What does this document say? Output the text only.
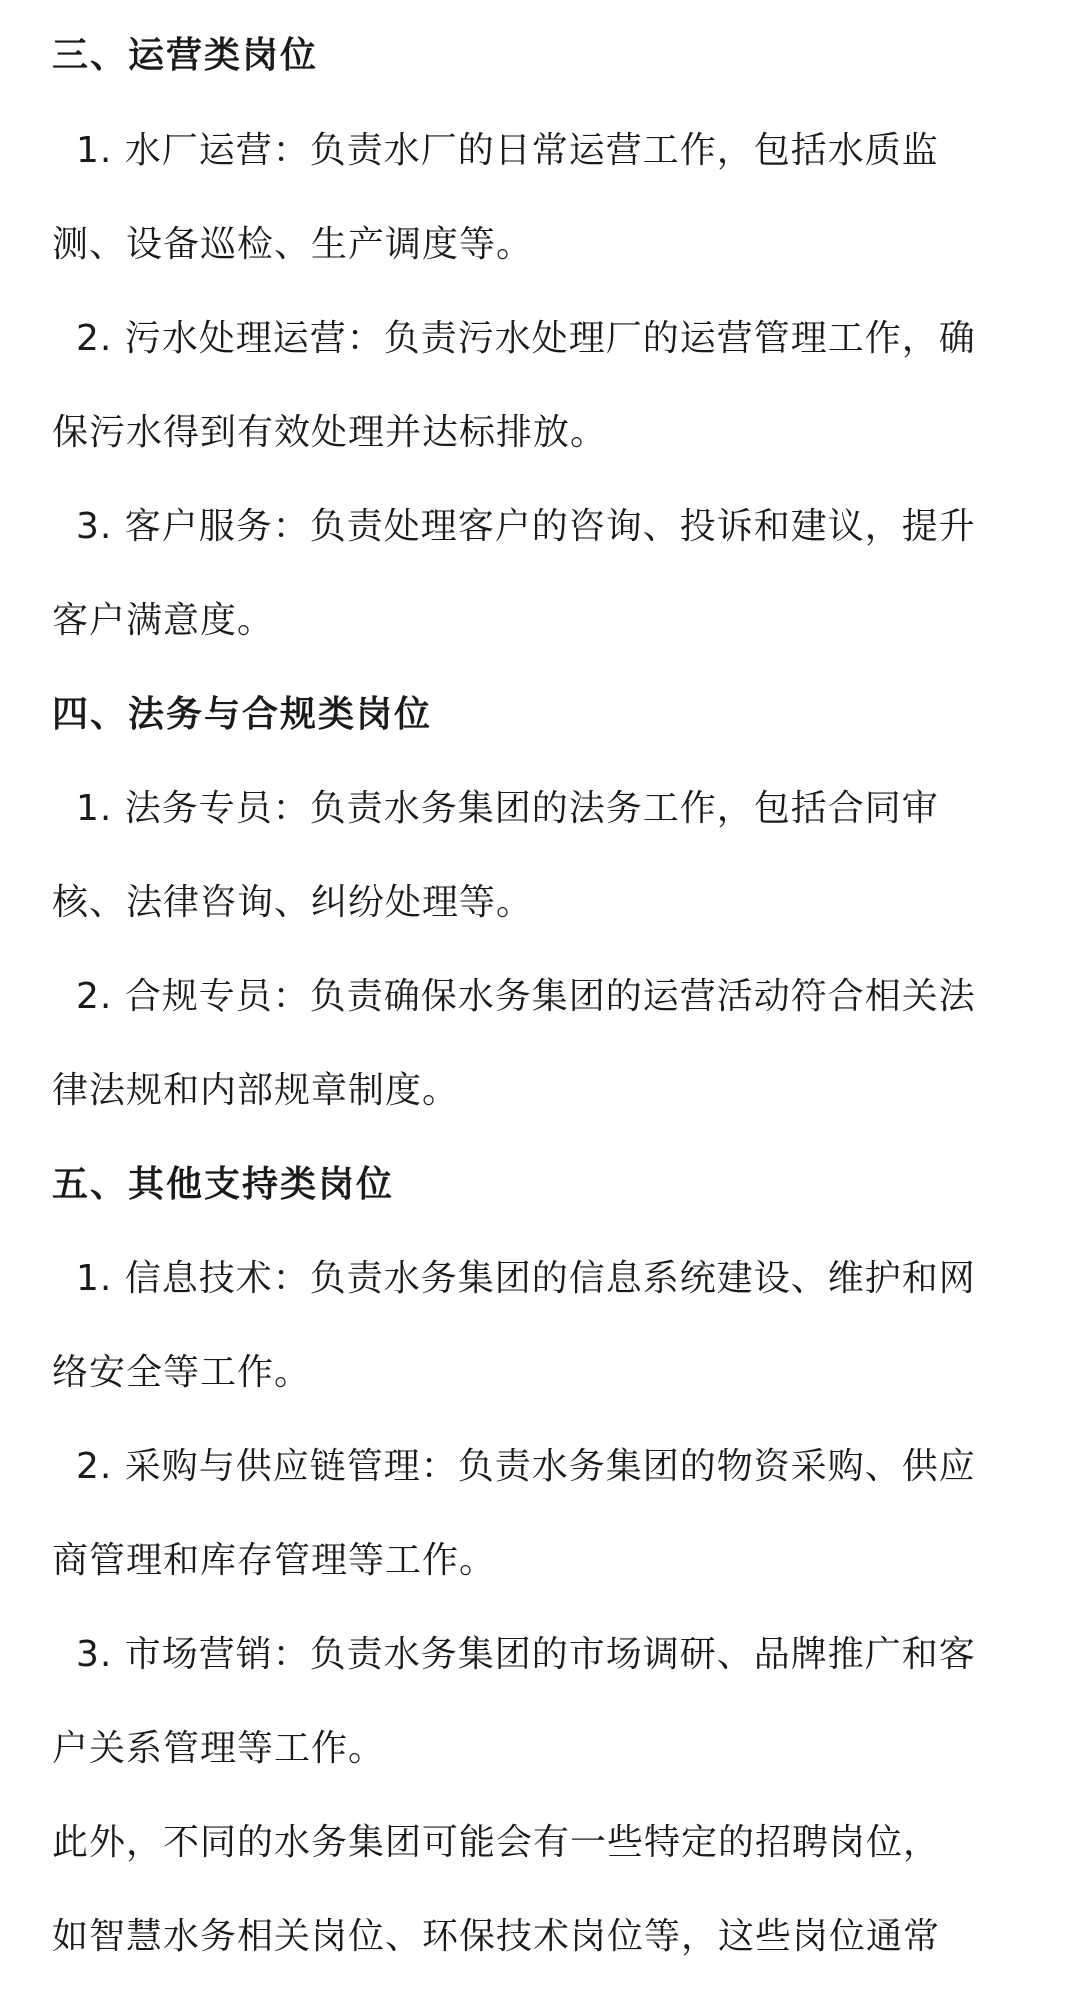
三、运营类岗位
1. 水厂运营：负责水厂的日常运营工作，包括水质监
测、设备巡检、生产调度等。
2. 污水处理运营：负责污水处理厂的运营管理工作，确
保污水得到有效处理并达标排放。
3. 客户服务：负责处理客户的咨询、投诉和建议，提升
客户满意度。
四、法务与合规类岗位
1. 法务专员：负责水务集团的法务工作，包括合同审
核、法律咨询、纠纷处理等。
2. 合规专员：负责确保水务集团的运营活动符合相关法
律法规和内部规章制度。
五、其他支持类岗位
1. 信息技术：负责水务集团的信息系统建设、维护和网
络安全等工作。
2. 采购与供应链管理：负责水务集团的物资采购、供应
商管理和库存管理等工作。
3. 市场营销：负责水务集团的市场调研、品牌推广和客
户关系管理等工作。
此外，不同的水务集团可能会有一些特定的招聘岗位，
如智慧水务相关岗位、环保技术岗位等，这些岗位通常
